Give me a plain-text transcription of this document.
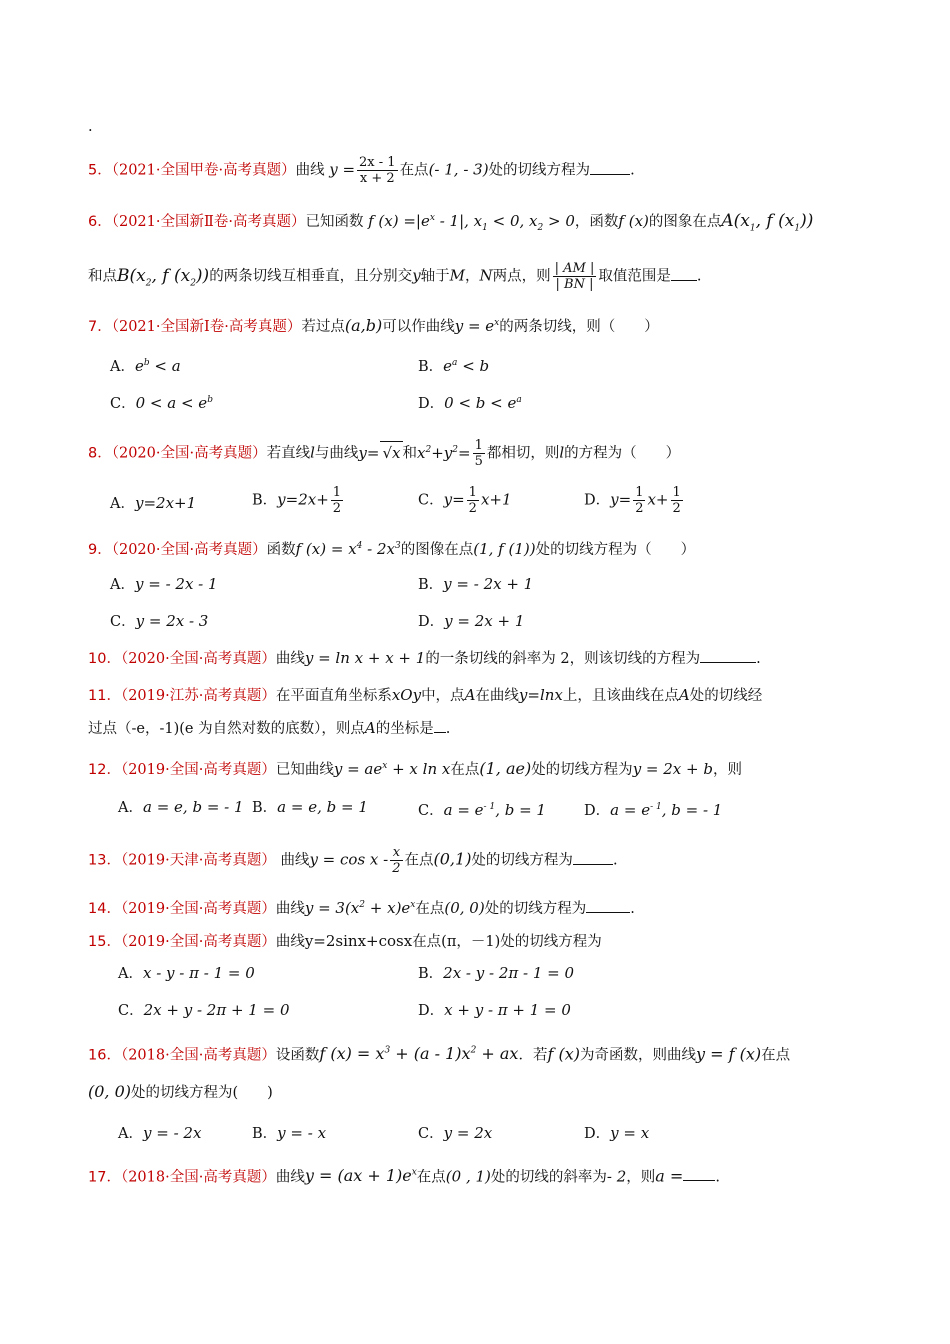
.
5．（2021·全国甲卷·高考真题）曲线 $y = \frac{2x - 1}{x + 2}$ 在点(- 1, - 3)处的切线方程为	.
6．（2021·全国新Ⅱ卷·高考真题）已知函数 f $(x) =|e^x - 1|$, $x_1 < 0$, $x_2 > 0$，函数f (x)的图象在点$A(x_1$, f $(x_1)$)
和点$B(x_2$, f $(x_2)$)的两条切线互相垂直，且分别交y轴于M，N两点，则 $\frac{| AM |}{| BN |}$ 取值范围是 .
7．（2021·全国新Ⅰ卷·高考真题）若过点(a,b)可以作曲线$y = e^x$的两条切线，则（　　）
A．$e^b < a$	B．$e^a < b$
C．$0 < a < e^b$	D．$0 < b < e^a$
8．（2020·全国·高考真题）若直线l与曲线y= √x 和$x^2+y^2= \frac{1}{5}$ 都相切，则l的方程为（　　）
A．y=2x+1	B．$y=2x+ \frac{1}{2}$	C．$y= \frac{1}{2} x+1$	D．$y= \frac{1}{2} x+ \frac{1}{2}$
9．（2020·全国·高考真题）函数f $(x) = x^4 - 2x^3$的图像在点(1, f (1))处的切线方程为（　　）
A．y = - 2x - 1	B．y = - 2x + 1
C．y = 2x - 3	D．y = 2x + 1
10．（2020·全国·高考真题）曲线y = ln x + x + 1的一条切线的斜率为 2，则该切线的方程为	.
11．（2019·江苏·高考真题）在平面直角坐标系xOy中，点A在曲线y=lnx上，且该曲线在点A处的切线经
过点（-e，-1)(e 为自然对数的底数），则点A的坐标是 .
12．（2019·全国·高考真题）已知曲线$y = ae^x + x$ ln x在点(1, ae)处的切线方程为y = 2x + b，则
A．a = e, b = - 1 B．a = e, b = 1	C．$a = e^{- 1}$, b = 1	D．$a = e^{- 1}$, b = - 1
13．（2019·天津·高考真题） 曲线$y = \cos x - \frac{x}{2}$ 在点(0,1)处的切线方程为	.
14．（2019·全国·高考真题）曲线$y = 3(x^2 + x)e^x$在点(0, 0)处的切线方程为	.
15．（2019·全国·高考真题）曲线y=2sinx+cosx在点(π，－1)处的切线方程为
A．x - y - π - 1 = 0	B．2x - y - 2π - 1 = 0
C．2x + y - 2π + 1 = 0	D．x + y - π + 1 = 0
16．（2018·全国·高考真题）设函数f $(x) = x^3 + (a - 1)x^2$ + ax．若f (x)为奇函数，则曲线y = f (x)在点
(0, 0)处的切线方程为(　　)
A．y = - 2x	B．y = - x	C．y = 2x	D．y = x
17．（2018·全国·高考真题）曲线$y = (ax + 1)e^x$在点(0 , 1)处的切线的斜率为- 2，则a = .
